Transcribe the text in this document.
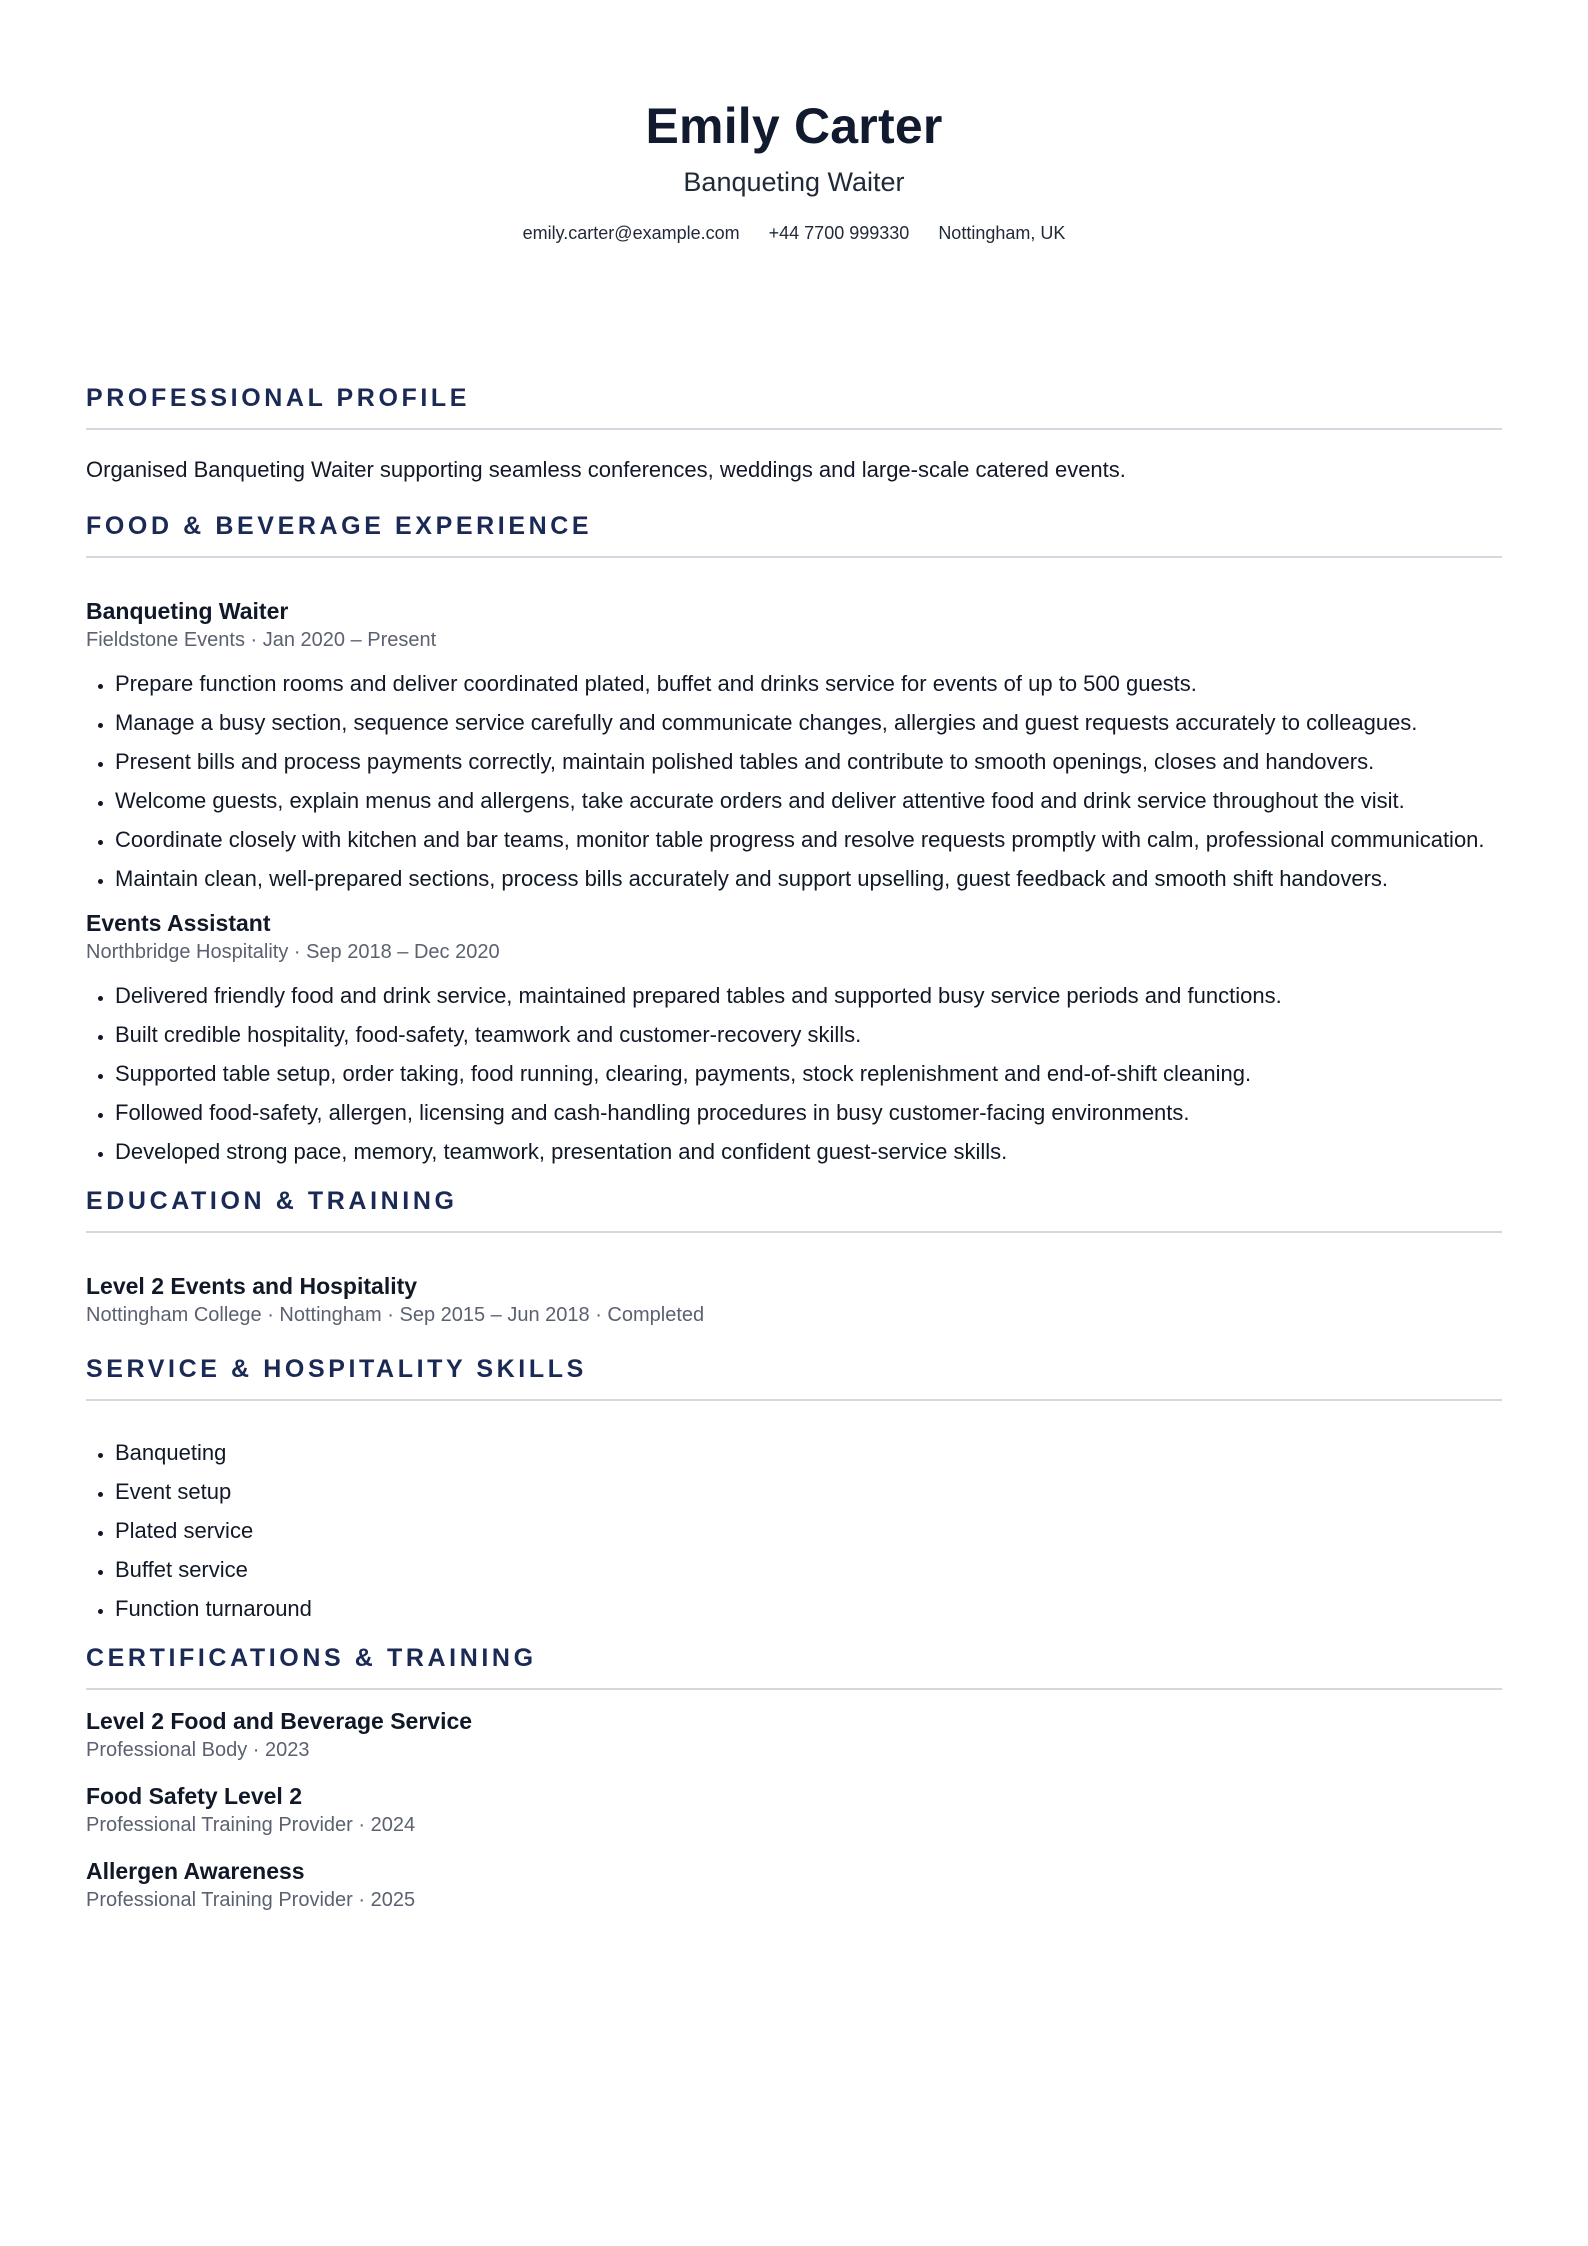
Emily Carter
Banqueting Waiter
emily.carter@example.com +44 7700 999330 Nottingham, UK
PROFESSIONAL PROFILE
Organised Banqueting Waiter supporting seamless conferences, weddings and large-scale catered events.
FOOD & BEVERAGE EXPERIENCE
Banqueting Waiter
Fieldstone Events · Jan 2020 – Present
• Prepare function rooms and deliver coordinated plated, buffet and drinks service for events of up to 500 guests.
• Manage a busy section, sequence service carefully and communicate changes, allergies and guest requests accurately to colleagues.
• Present bills and process payments correctly, maintain polished tables and contribute to smooth openings, closes and handovers.
• Welcome guests, explain menus and allergens, take accurate orders and deliver attentive food and drink service throughout the visit.
• Coordinate closely with kitchen and bar teams, monitor table progress and resolve requests promptly with calm, professional communication.
• Maintain clean, well-prepared sections, process bills accurately and support upselling, guest feedback and smooth shift handovers.
Events Assistant
Northbridge Hospitality · Sep 2018 – Dec 2020
• Delivered friendly food and drink service, maintained prepared tables and supported busy service periods and functions.
• Built credible hospitality, food-safety, teamwork and customer-recovery skills.
• Supported table setup, order taking, food running, clearing, payments, stock replenishment and end-of-shift cleaning.
• Followed food-safety, allergen, licensing and cash-handling procedures in busy customer-facing environments.
• Developed strong pace, memory, teamwork, presentation and confident guest-service skills.
EDUCATION & TRAINING
Level 2 Events and Hospitality
Nottingham College · Nottingham · Sep 2015 – Jun 2018 · Completed
SERVICE & HOSPITALITY SKILLS
• Banqueting
• Event setup
• Plated service
• Buffet service
• Function turnaround
CERTIFICATIONS & TRAINING
Level 2 Food and Beverage Service
Professional Body · 2023
Food Safety Level 2
Professional Training Provider · 2024
Allergen Awareness
Professional Training Provider · 2025
